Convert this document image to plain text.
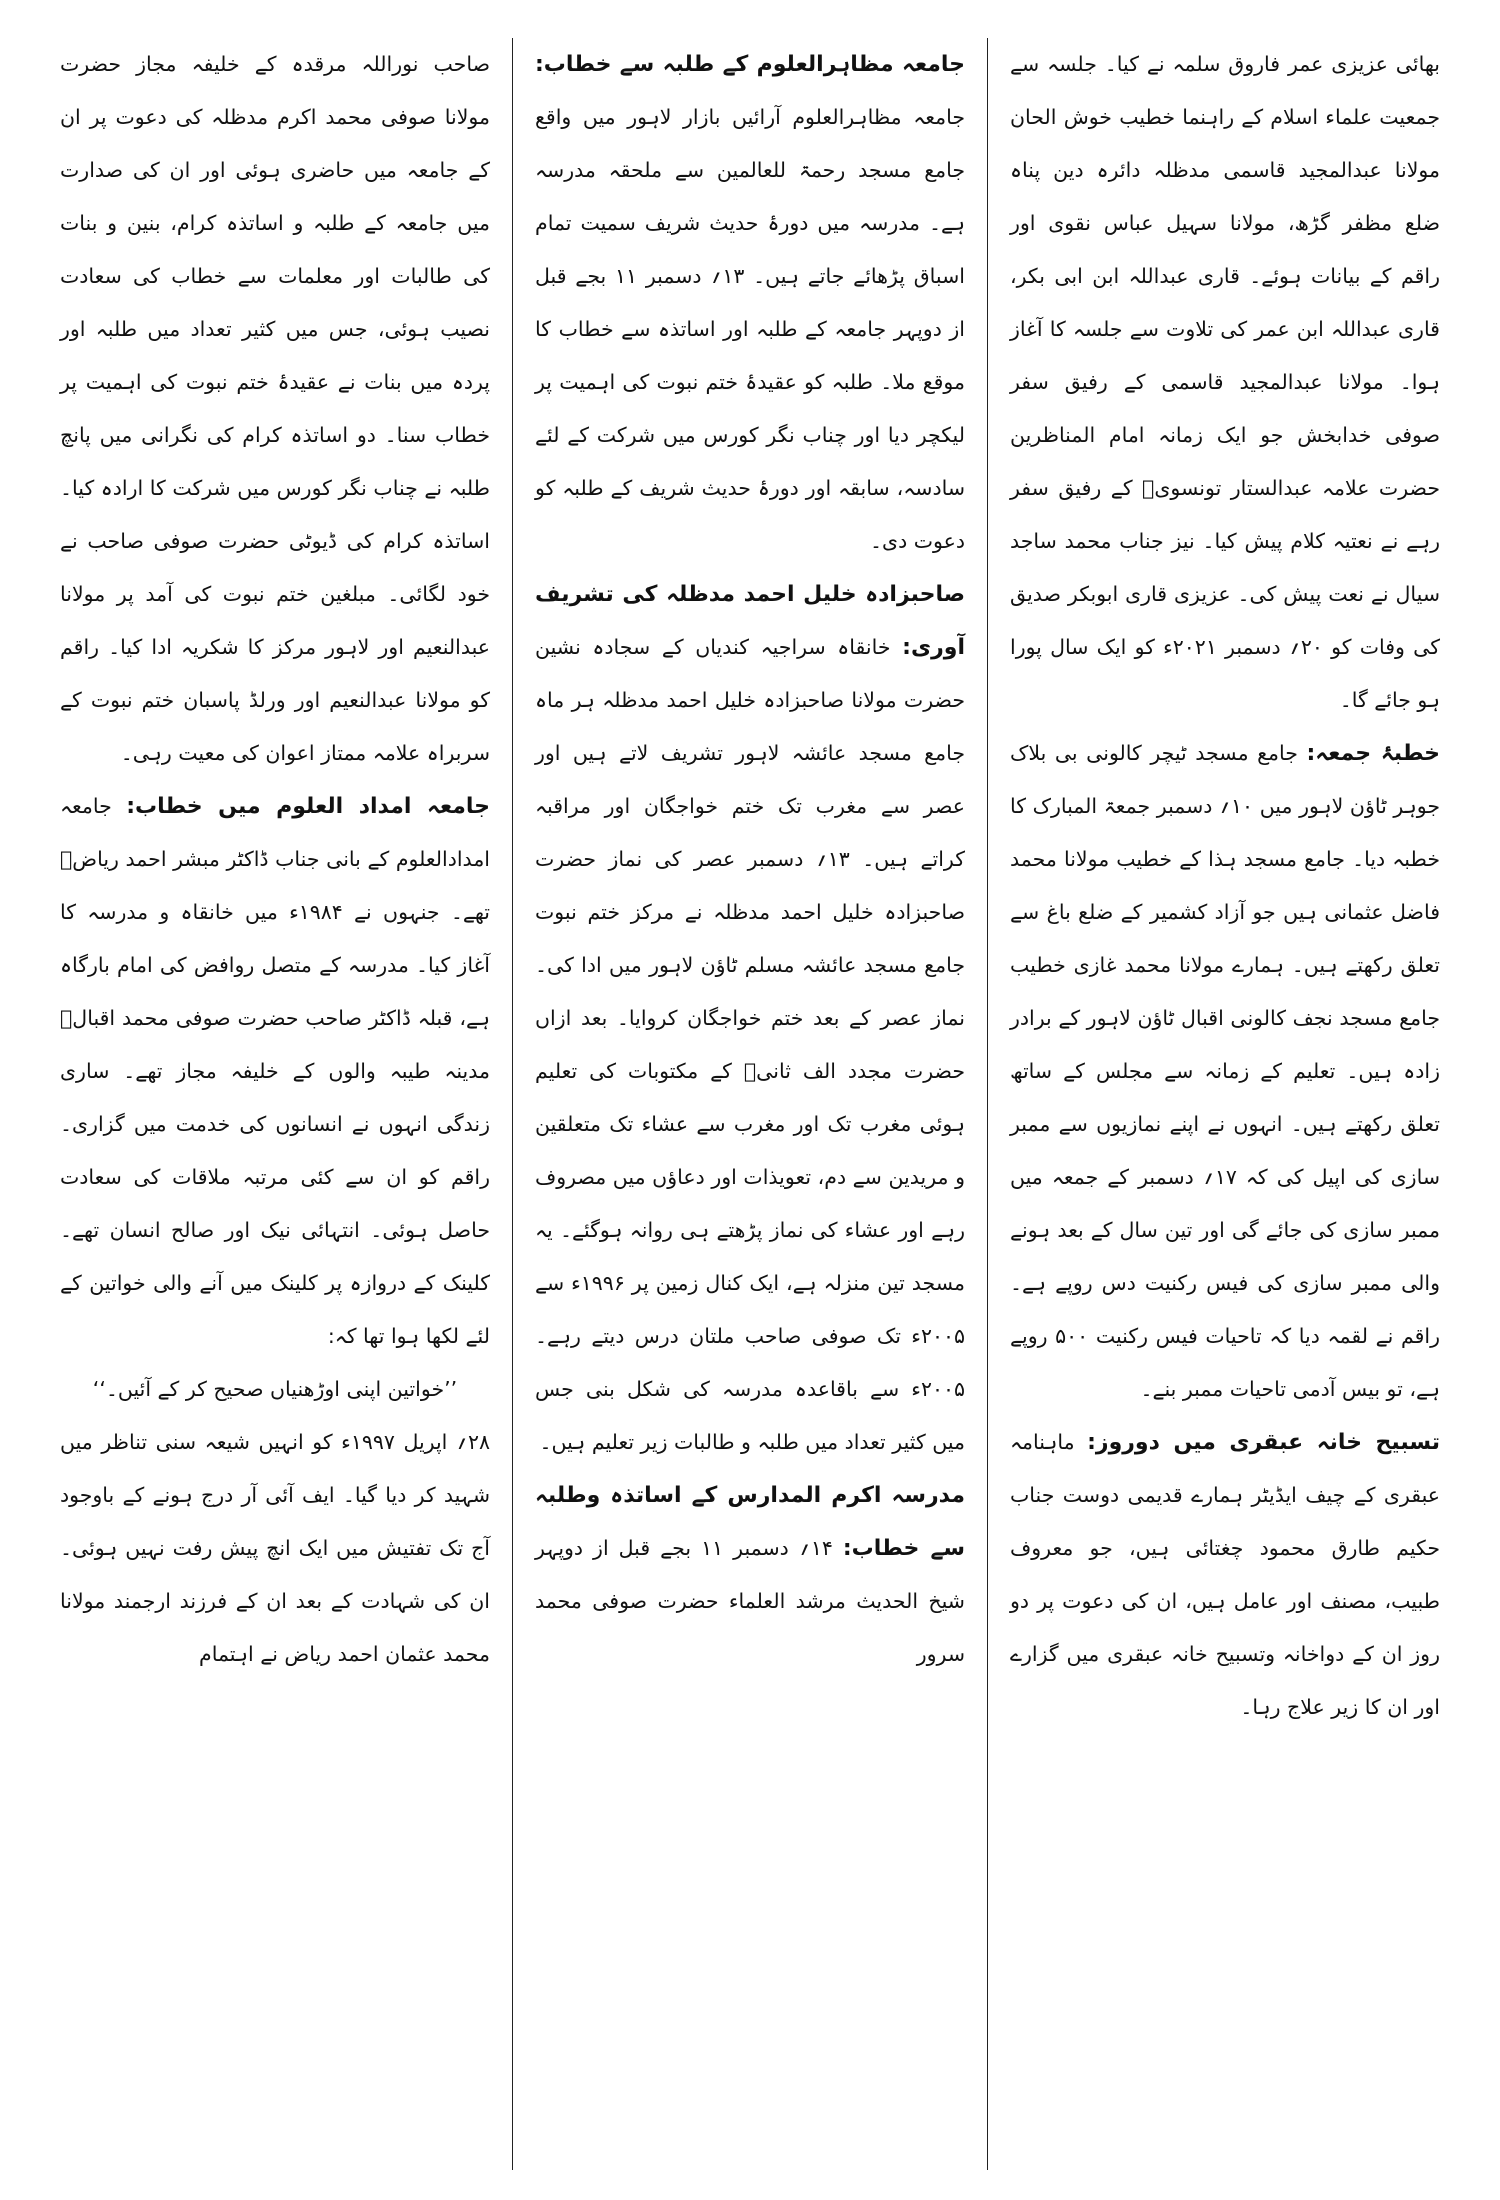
بھائی عزیزی عمر فاروق سلمہ نے کیا۔ جلسہ سے جمعیت علماء اسلام کے راہنما خطیب خوش الحان مولانا عبدالمجید قاسمی مدظلہ دائرہ دین پناہ ضلع مظفر گڑھ، مولانا سہیل عباس نقوی اور راقم کے بیانات ہوئے۔ قاری عبداللہ ابن ابی بکر، قاری عبداللہ ابن عمر کی تلاوت سے جلسہ کا آغاز ہوا۔ مولانا عبدالمجید قاسمی کے رفیق سفر صوفی خدابخش جو ایک زمانہ امام المناظرین حضرت علامہ عبدالستار تونسویؒ کے رفیق سفر رہے نے نعتیہ کلام پیش کیا۔ نیز جناب محمد ساجد سیال نے نعت پیش کی۔ عزیزی قاری ابوبکر صدیق کی وفات کو ۲۰؍ دسمبر ۲۰۲۱ء کو ایک سال پورا ہو جائے گا۔

خطبۂ جمعہ: جامع مسجد ٹیچر کالونی بی بلاک جوہر ٹاؤن لاہور میں ۱۰؍ دسمبر جمعۃ المبارک کا خطبہ دیا۔ جامع مسجد ہذا کے خطیب مولانا محمد فاضل عثمانی ہیں جو آزاد کشمیر کے ضلع باغ سے تعلق رکھتے ہیں۔ ہمارے مولانا محمد غازی خطیب جامع مسجد نجف کالونی اقبال ٹاؤن لاہور کے برادر زادہ ہیں۔ تعلیم کے زمانہ سے مجلس کے ساتھ تعلق رکھتے ہیں۔ انہوں نے اپنے نمازیوں سے ممبر سازی کی اپیل کی کہ ۱۷؍ دسمبر کے جمعہ میں ممبر سازی کی جائے گی اور تین سال کے بعد ہونے والی ممبر سازی کی فیس رکنیت دس روپے ہے۔ راقم نے لقمہ دیا کہ تاحیات فیس رکنیت ۵۰۰ روپے ہے، تو بیس آدمی تاحیات ممبر بنے۔

تسبیح خانہ عبقری میں دوروز: ماہنامہ عبقری کے چیف ایڈیٹر ہمارے قدیمی دوست جناب حکیم طارق محمود چغتائی ہیں، جو معروف طبیب، مصنف اور عامل ہیں، ان کی دعوت پر دو روز ان کے دواخانہ وتسبیح خانہ عبقری میں گزارے اور ان کا زیر علاج رہا۔

جامعہ مظاہرالعلوم کے طلبہ سے خطاب: جامعہ مظاہرالعلوم آرائیں بازار لاہور میں واقع جامع مسجد رحمۃ للعالمین سے ملحقہ مدرسہ ہے۔ مدرسہ میں دورۂ حدیث شریف سمیت تمام اسباق پڑھائے جاتے ہیں۔ ۱۳؍ دسمبر ۱۱ بجے قبل از دوپہر جامعہ کے طلبہ اور اساتذہ سے خطاب کا موقع ملا۔ طلبہ کو عقیدۂ ختم نبوت کی اہمیت پر لیکچر دیا اور چناب نگر کورس میں شرکت کے لئے سادسہ، سابقہ اور دورۂ حدیث شریف کے طلبہ کو دعوت دی۔

صاحبزادہ خلیل احمد مدظلہ کی تشریف آوری: خانقاہ سراجیہ کندیاں کے سجادہ نشین حضرت مولانا صاحبزادہ خلیل احمد مدظلہ ہر ماہ جامع مسجد عائشہ لاہور تشریف لاتے ہیں اور عصر سے مغرب تک ختم خواجگان اور مراقبہ کراتے ہیں۔ ۱۳؍ دسمبر عصر کی نماز حضرت صاحبزادہ خلیل احمد مدظلہ نے مرکز ختم نبوت جامع مسجد عائشہ مسلم ٹاؤن لاہور میں ادا کی۔ نماز عصر کے بعد ختم خواجگان کروایا۔ بعد ازاں حضرت مجدد الف ثانیؒ کے مکتوبات کی تعلیم ہوئی مغرب تک اور مغرب سے عشاء تک متعلقین و مریدین سے دم، تعویذات اور دعاؤں میں مصروف رہے اور عشاء کی نماز پڑھتے ہی روانہ ہوگئے۔ یہ مسجد تین منزلہ ہے، ایک کنال زمین پر ۱۹۹۶ء سے ۲۰۰۵ء تک صوفی صاحب ملتان درس دیتے رہے۔ ۲۰۰۵ء سے باقاعدہ مدرسہ کی شکل بنی جس میں کثیر تعداد میں طلبہ و طالبات زیر تعلیم ہیں۔

مدرسہ اکرم المدارس کے اساتذہ وطلبہ سے خطاب: ۱۴؍ دسمبر ۱۱ بجے قبل از دوپہر شیخ الحدیث مرشد العلماء حضرت صوفی محمد سرور

صاحب نوراللہ مرقدہ کے خلیفہ مجاز حضرت مولانا صوفی محمد اکرم مدظلہ کی دعوت پر ان کے جامعہ میں حاضری ہوئی اور ان کی صدارت میں جامعہ کے طلبہ و اساتذہ کرام، بنین و بنات کی طالبات اور معلمات سے خطاب کی سعادت نصیب ہوئی، جس میں کثیر تعداد میں طلبہ اور پردہ میں بنات نے عقیدۂ ختم نبوت کی اہمیت پر خطاب سنا۔ دو اساتذہ کرام کی نگرانی میں پانچ طلبہ نے چناب نگر کورس میں شرکت کا ارادہ کیا۔ اساتذہ کرام کی ڈیوٹی حضرت صوفی صاحب نے خود لگائی۔ مبلغین ختم نبوت کی آمد پر مولانا عبدالنعیم اور لاہور مرکز کا شکریہ ادا کیا۔ راقم کو مولانا عبدالنعیم اور ورلڈ پاسبان ختم نبوت کے سربراہ علامہ ممتاز اعوان کی معیت رہی۔

جامعہ امداد العلوم میں خطاب: جامعہ امدادالعلوم کے بانی جناب ڈاکٹر مبشر احمد ریاضؒ تھے۔ جنہوں نے ۱۹۸۴ء میں خانقاہ و مدرسہ کا آغاز کیا۔ مدرسہ کے متصل روافض کی امام بارگاہ ہے، قبلہ ڈاکٹر صاحب حضرت صوفی محمد اقبالؒ مدینہ طیبہ والوں کے خلیفہ مجاز تھے۔ ساری زندگی انہوں نے انسانوں کی خدمت میں گزاری۔ راقم کو ان سے کئی مرتبہ ملاقات کی سعادت حاصل ہوئی۔ انتہائی نیک اور صالح انسان تھے۔ کلینک کے دروازہ پر کلینک میں آنے والی خواتین کے لئے لکھا ہوا تھا کہ:

’’خواتین اپنی اوڑھنیاں صحیح کر کے آئیں۔‘‘

۲۸؍ اپریل ۱۹۹۷ء کو انہیں شیعہ سنی تناظر میں شہید کر دیا گیا۔ ایف آئی آر درج ہونے کے باوجود آج تک تفتیش میں ایک انچ پیش رفت نہیں ہوئی۔ ان کی شہادت کے بعد ان کے فرزند ارجمند مولانا محمد عثمان احمد ریاض نے اہتمام
